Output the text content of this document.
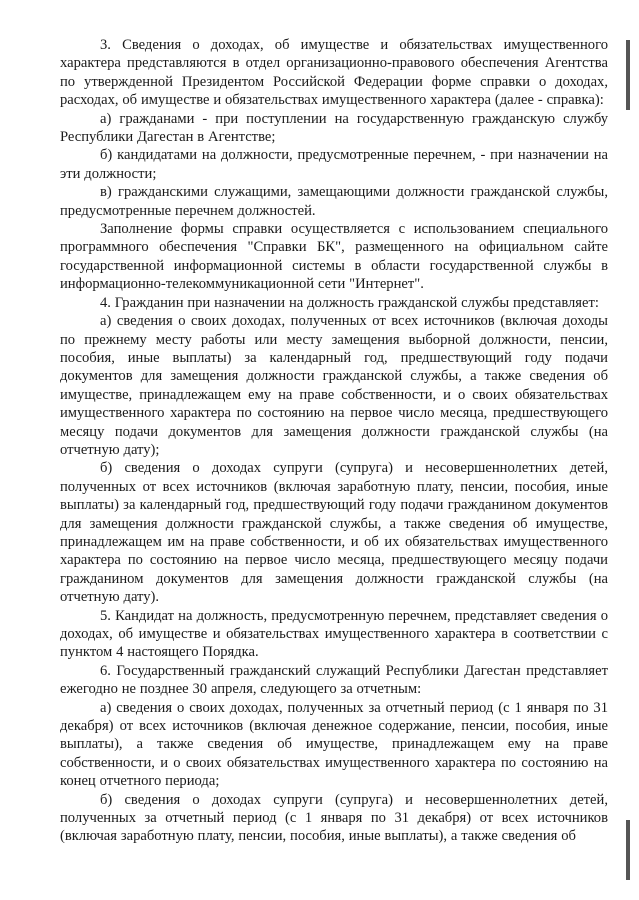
3. Сведения о доходах, об имуществе и обязательствах имущественного характера представляются в отдел организационно-правового обеспечения Агентства по утвержденной Президентом Российской Федерации форме справки о доходах, расходах, об имуществе и обязательствах имущественного характера (далее - справка):

а) гражданами - при поступлении на государственную гражданскую службу Республики Дагестан в Агентстве;

б) кандидатами на должности, предусмотренные перечнем, - при назначении на эти должности;

в) гражданскими служащими, замещающими должности гражданской службы, предусмотренные перечнем должностей.

Заполнение формы справки осуществляется с использованием специального программного обеспечения "Справки БК", размещенного на официальном сайте государственной информационной системы в области государственной службы в информационно-телекоммуникационной сети "Интернет".

4. Гражданин при назначении на должность гражданской службы представляет:

а) сведения о своих доходах, полученных от всех источников (включая доходы по прежнему месту работы или месту замещения выборной должности, пенсии, пособия, иные выплаты) за календарный год, предшествующий году подачи документов для замещения должности гражданской службы, а также сведения об имуществе, принадлежащем ему на праве собственности, и о своих обязательствах имущественного характера по состоянию на первое число месяца, предшествующего месяцу подачи документов для замещения должности гражданской службы (на отчетную дату);

б) сведения о доходах супруги (супруга) и несовершеннолетних детей, полученных от всех источников (включая заработную плату, пенсии, пособия, иные выплаты) за календарный год, предшествующий году подачи гражданином документов для замещения должности гражданской службы, а также сведения об имуществе, принадлежащем им на праве собственности, и об их обязательствах имущественного характера по состоянию на первое число месяца, предшествующего месяцу подачи гражданином документов для замещения должности гражданской службы (на отчетную дату).

5. Кандидат на должность, предусмотренную перечнем, представляет сведения о доходах, об имуществе и обязательствах имущественного характера в соответствии с пунктом 4 настоящего Порядка.

6. Государственный гражданский служащий Республики Дагестан представляет ежегодно не позднее 30 апреля, следующего за отчетным:

а) сведения о своих доходах, полученных за отчетный период (с 1 января по 31 декабря) от всех источников (включая денежное содержание, пенсии, пособия, иные выплаты), а также сведения об имуществе, принадлежащем ему на праве собственности, и о своих обязательствах имущественного характера по состоянию на конец отчетного периода;

б) сведения о доходах супруги (супруга) и несовершеннолетних детей, полученных за отчетный период (с 1 января по 31 декабря) от всех источников (включая заработную плату, пенсии, пособия, иные выплаты), а также сведения об
